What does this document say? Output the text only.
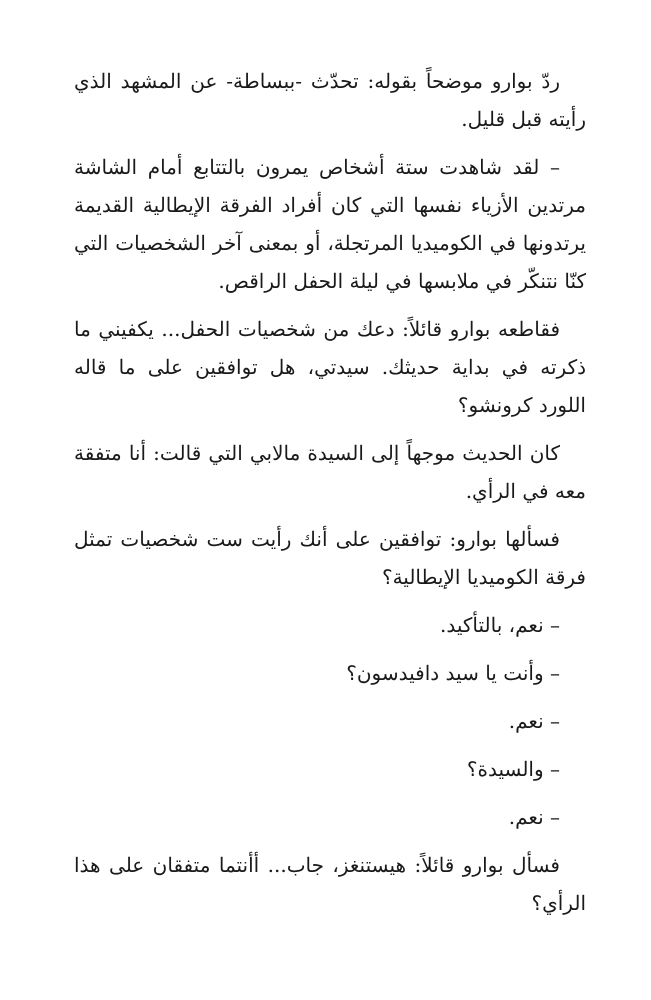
ردّ بوارو موضحاً بقوله: تحدّث -ببساطة- عن المشهد الذي رأيته قبل قليل.

– لقد شاهدت ستة أشخاص يمرون بالتتابع أمام الشاشة مرتدين الأزياء نفسها التي كان أفراد الفرقة الإيطالية القديمة يرتدونها في الكوميديا المرتجلة، أو بمعنى آخر الشخصيات التي كنّا نتنكّر في ملابسها في ليلة الحفل الراقص.

فقاطعه بوارو قائلاً: دعك من شخصيات الحفل... يكفيني ما ذكرته في بداية حديثك. سيدتي، هل توافقين على ما قاله اللورد كرونشو؟

كان الحديث موجهاً إلى السيدة مالابي التي قالت: أنا متفقة معه في الرأي.

فسألها بوارو: توافقين على أنك رأيت ست شخصيات تمثل فرقة الكوميديا الإيطالية؟

– نعم، بالتأكيد.

– وأنت يا سيد دافيدسون؟

– نعم.

– والسيدة؟

– نعم.

فسأل بوارو قائلاً: هيستنغز، جاب... أأنتما متفقان على هذا الرأي؟
